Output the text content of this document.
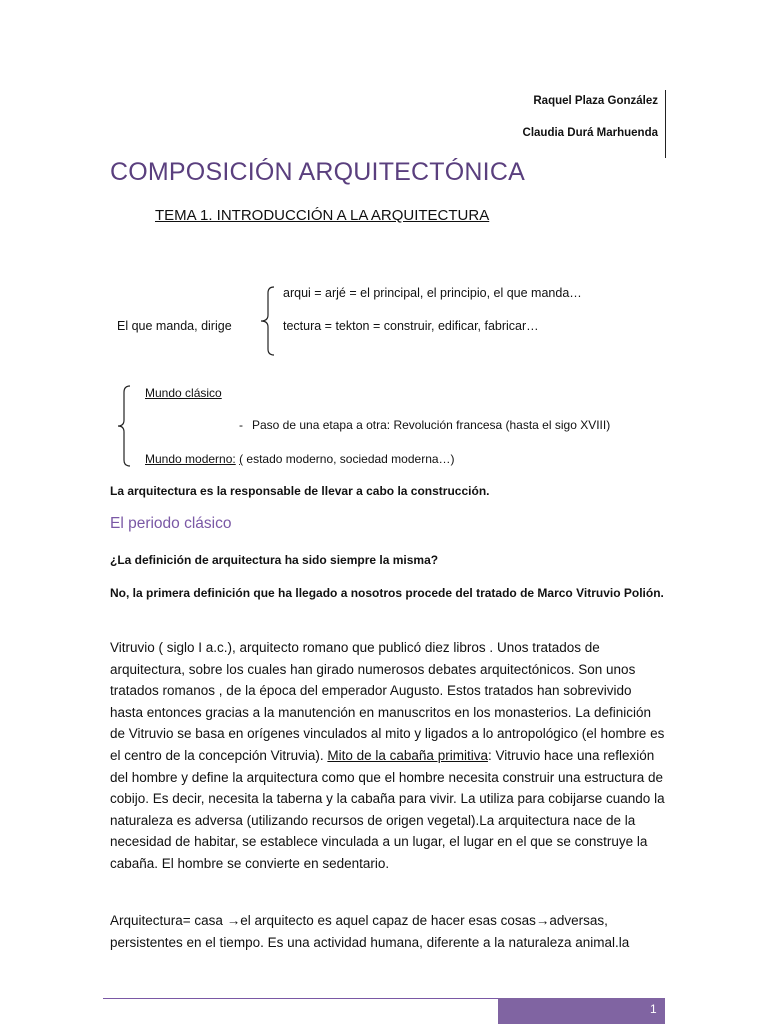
Raquel Plaza González
Claudia Durá Marhuenda
COMPOSICIÓN ARQUITECTÓNICA
TEMA 1. INTRODUCCIÓN A LA ARQUITECTURA
El que manda, dirige
arqui = arjé = el principal, el principio, el que manda…
tectura = tekton = construir, edificar, fabricar…
Mundo clásico
- Paso de una etapa a otra: Revolución francesa (hasta el sigo XVIII)
Mundo moderno: ( estado moderno, sociedad moderna…)
La arquitectura es la responsable de llevar a cabo la construcción.
El periodo clásico
¿La definición de arquitectura ha sido siempre la misma?
No, la primera definición que ha llegado a nosotros procede del tratado de Marco Vitruvio Polión.

Vitruvio ( siglo I a.c.), arquitecto romano que publicó diez libros . Unos tratados de arquitectura, sobre los cuales han girado numerosos debates arquitectónicos. Son unos tratados romanos , de la época del emperador Augusto. Estos tratados han sobrevivido hasta entonces gracias a la manutención en manuscritos en los monasterios. La definición de Vitruvio se basa en orígenes vinculados al mito y ligados a lo antropológico (el hombre es el centro de la concepción Vitruvia). Mito de la cabaña primitiva: Vitruvio hace una reflexión del hombre y define la arquitectura como que el hombre necesita construir una estructura de cobijo. Es decir, necesita la taberna y la cabaña para vivir. La utiliza para cobijarse cuando la naturaleza es adversa (utilizando recursos de origen vegetal).La arquitectura nace de la necesidad de habitar, se establece vinculada a un lugar, el lugar en el que se construye la cabaña. El hombre se convierte en sedentario.

Arquitectura= casa →el arquitecto es aquel capaz de hacer esas cosas→adversas, persistentes en el tiempo. Es una actividad humana, diferente a la naturaleza animal.la

1
